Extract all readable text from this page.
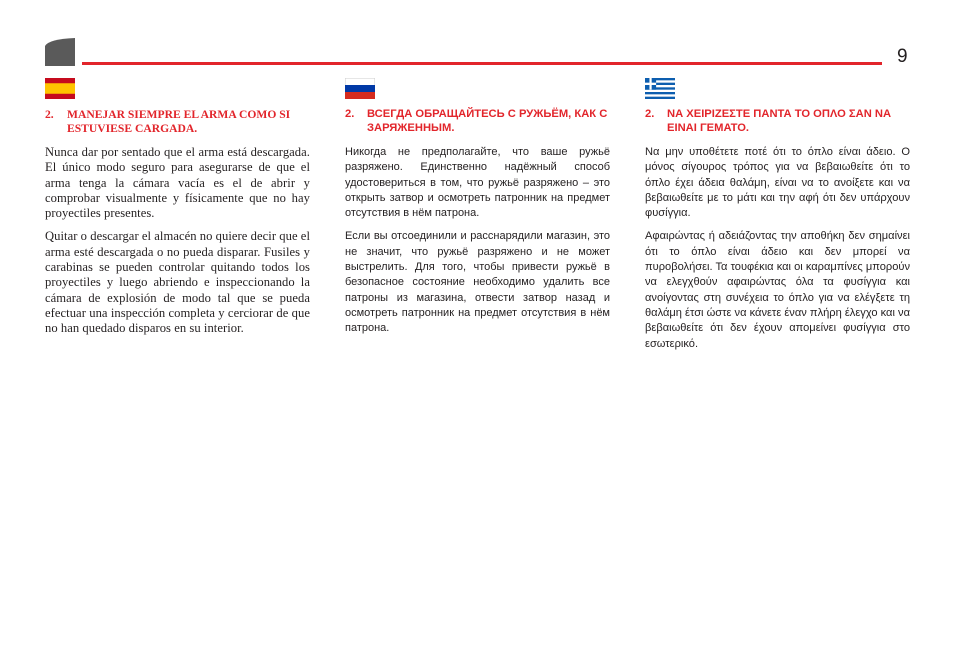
9
2.	MANEJAR SIEMPRE EL ARMA COMO SI ESTUVIESE CARGADA.

Nunca dar por sentado que el arma está descargada. El único modo seguro para asegurarse de que el arma tenga la cámara vacía es el de abrir y comprobar visualmente y físicamente que no hay proyectiles presentes.

Quitar o descargar el almacén no quiere decir que el arma esté descargada o no pueda disparar. Fusiles y carabinas se pueden controlar quitando todos los proyectiles y luego abriendo e inspeccionando la cámara de explosión de modo tal que se pueda efectuar una inspección completa y cerciorar de que no han quedado disparos en su interior.

2.	ВСЕГДА ОБРАЩАЙТЕСЬ С РУЖЬЁМ, КАК С ЗАРЯЖЕННЫМ.

Никогда не предполагайте, что ваше ружьё разряжено. Единственно надёжный способ удостовериться в том, что ружьё разряжено – это открыть затвор и осмотреть патронник на предмет отсутствия в нём патрона.

Если вы отсоединили и расснарядили магазин, это не значит, что ружьё разряжено и не может выстрелить. Для того, чтобы привести ружьё в безопасное состояние необходимо удалить все патроны из магазина, отвести затвор назад и осмотреть патронник на предмет отсутствия в нём патрона.

2.	ΝΑ ΧΕΙΡΙΖΕΣΤΕ ΠΑΝΤΑ ΤΟ ΟΠΛΟ ΣΑΝ ΝΑ ΕΙΝΑΙ ΓΕΜΑΤΟ.

Να μην υποθέτετε ποτέ ότι το όπλο είναι άδειο. Ο μόνος σίγουρος τρόπος για να βεβαιωθείτε ότι το όπλο έχει άδεια θαλάμη, είναι να το ανοίξετε και να βεβαιωθείτε με το μάτι και την αφή ότι δεν υπάρχουν φυσίγγια.

Αφαιρώντας ή αδειάζοντας την αποθήκη δεν σημαίνει ότι το όπλο είναι άδειο και δεν μπορεί να πυροβολήσει. Τα τουφέκια και οι καραμπίνες μπορούν να ελεγχθούν αφαιρώντας όλα τα φυσίγγια και ανοίγοντας στη συνέχεια το όπλο για να ελέγξετε τη θαλάμη έτσι ώστε να κάνετε έναν πλήρη έλεγχο και να βεβαιωθείτε ότι δεν έχουν απομείνει φυσίγγια στο εσωτερικό.
